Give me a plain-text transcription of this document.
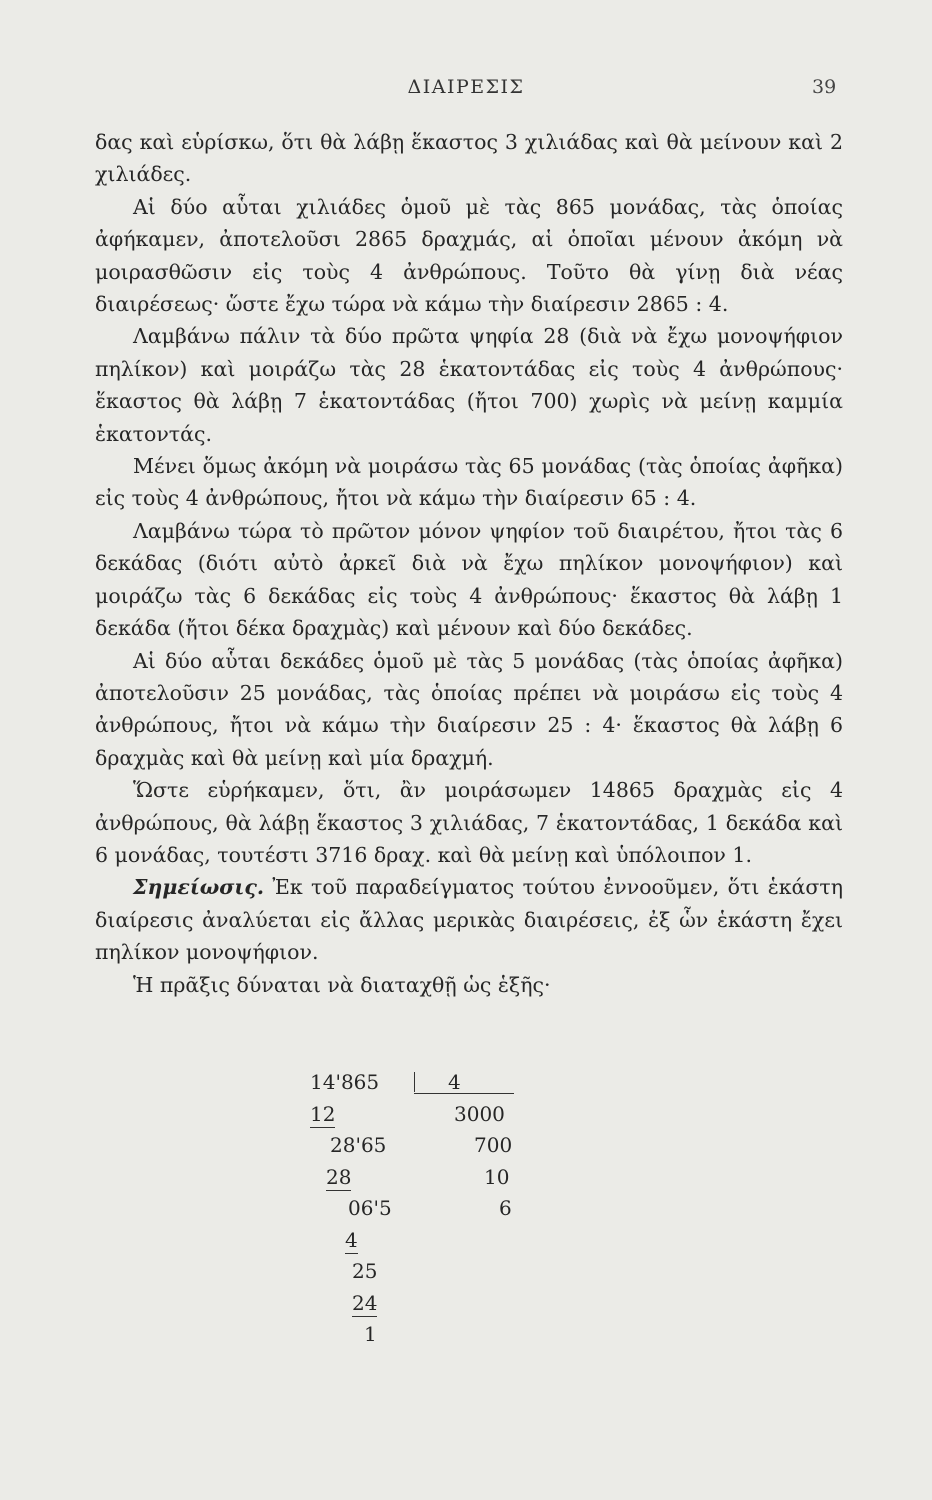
ΔΙΑΙΡΕΣΙΣ	39

δας καὶ εὑρίσκω, ὅτι θὰ λάβῃ ἕκαστος 3 χιλιάδας καὶ θὰ μείνουν καὶ 2 χιλιάδες.

Αἱ δύο αὗται χιλιάδες ὁμοῦ μὲ τὰς 865 μονάδας, τὰς ὁποίας ἀφήκαμεν, ἀποτελοῦσι 2865 δραχμάς, αἱ ὁποῖαι μένουν ἀκόμη νὰ μοιρασθῶσιν εἰς τοὺς 4 ἀνθρώπους. Τοῦτο θὰ γίνῃ διὰ νέας διαιρέσεως· ὥστε ἔχω τώρα νὰ κάμω τὴν διαίρεσιν 2865 : 4.

Λαμβάνω πάλιν τὰ δύο πρῶτα ψηφία 28 (διὰ νὰ ἔχω μονοψήφιον πηλίκον) καὶ μοιράζω τὰς 28 ἑκατοντάδας εἰς τοὺς 4 ἀνθρώπους· ἕκαστος θὰ λάβῃ 7 ἑκατοντάδας (ἤτοι 700) χωρὶς νὰ μείνῃ καμμία ἑκατοντάς.

Μένει ὅμως ἀκόμη νὰ μοιράσω τὰς 65 μονάδας (τὰς ὁποίας ἀφῆκα) εἰς τοὺς 4 ἀνθρώπους, ἤτοι νὰ κάμω τὴν διαίρεσιν 65 : 4.

Λαμβάνω τώρα τὸ πρῶτον μόνον ψηφίον τοῦ διαιρέτου, ἤτοι τὰς 6 δεκάδας (διότι αὐτὸ ἀρκεῖ διὰ νὰ ἔχω πηλίκον μονοψήφιον) καὶ μοιράζω τὰς 6 δεκάδας εἰς τοὺς 4 ἀνθρώπους· ἕκαστος θὰ λάβῃ 1 δεκάδα (ἤτοι δέκα δραχμὰς) καὶ μένουν καὶ δύο δεκάδες.

Αἱ δύο αὗται δεκάδες ὁμοῦ μὲ τὰς 5 μονάδας (τὰς ὁποίας ἀφῆκα) ἀποτελοῦσιν 25 μονάδας, τὰς ὁποίας πρέπει νὰ μοιράσω εἰς τοὺς 4 ἀνθρώπους, ἤτοι νὰ κάμω τὴν διαίρεσιν 25 : 4· ἕκαστος θὰ λάβῃ 6 δραχμὰς καὶ θὰ μείνῃ καὶ μία δραχμή.

Ὥστε εὑρήκαμεν, ὅτι, ἂν μοιράσωμεν 14865 δραχμὰς εἰς 4 ἀνθρώπους, θὰ λάβῃ ἕκαστος 3 χιλιάδας, 7 ἑκατοντάδας, 1 δεκάδα καὶ 6 μονάδας, τουτέστι 3716 δραχ. καὶ θὰ μείνῃ καὶ ὑπόλοιπον 1.

Σημείωσις. Ἐκ τοῦ παραδείγματος τούτου ἐννοοῦμεν, ὅτι ἑκάστη διαίρεσις ἀναλύεται εἰς ἄλλας μερικὰς διαιρέσεις, ἐξ ὧν ἑκάστη ἔχει πηλίκον μονοψήφιον.

Ἡ πρᾶξις δύναται νὰ διαταχθῇ ὡς ἑξῆς·

14'865	4
3000
700
10
6
12
28'65
28
06'5
4
25
24
1
